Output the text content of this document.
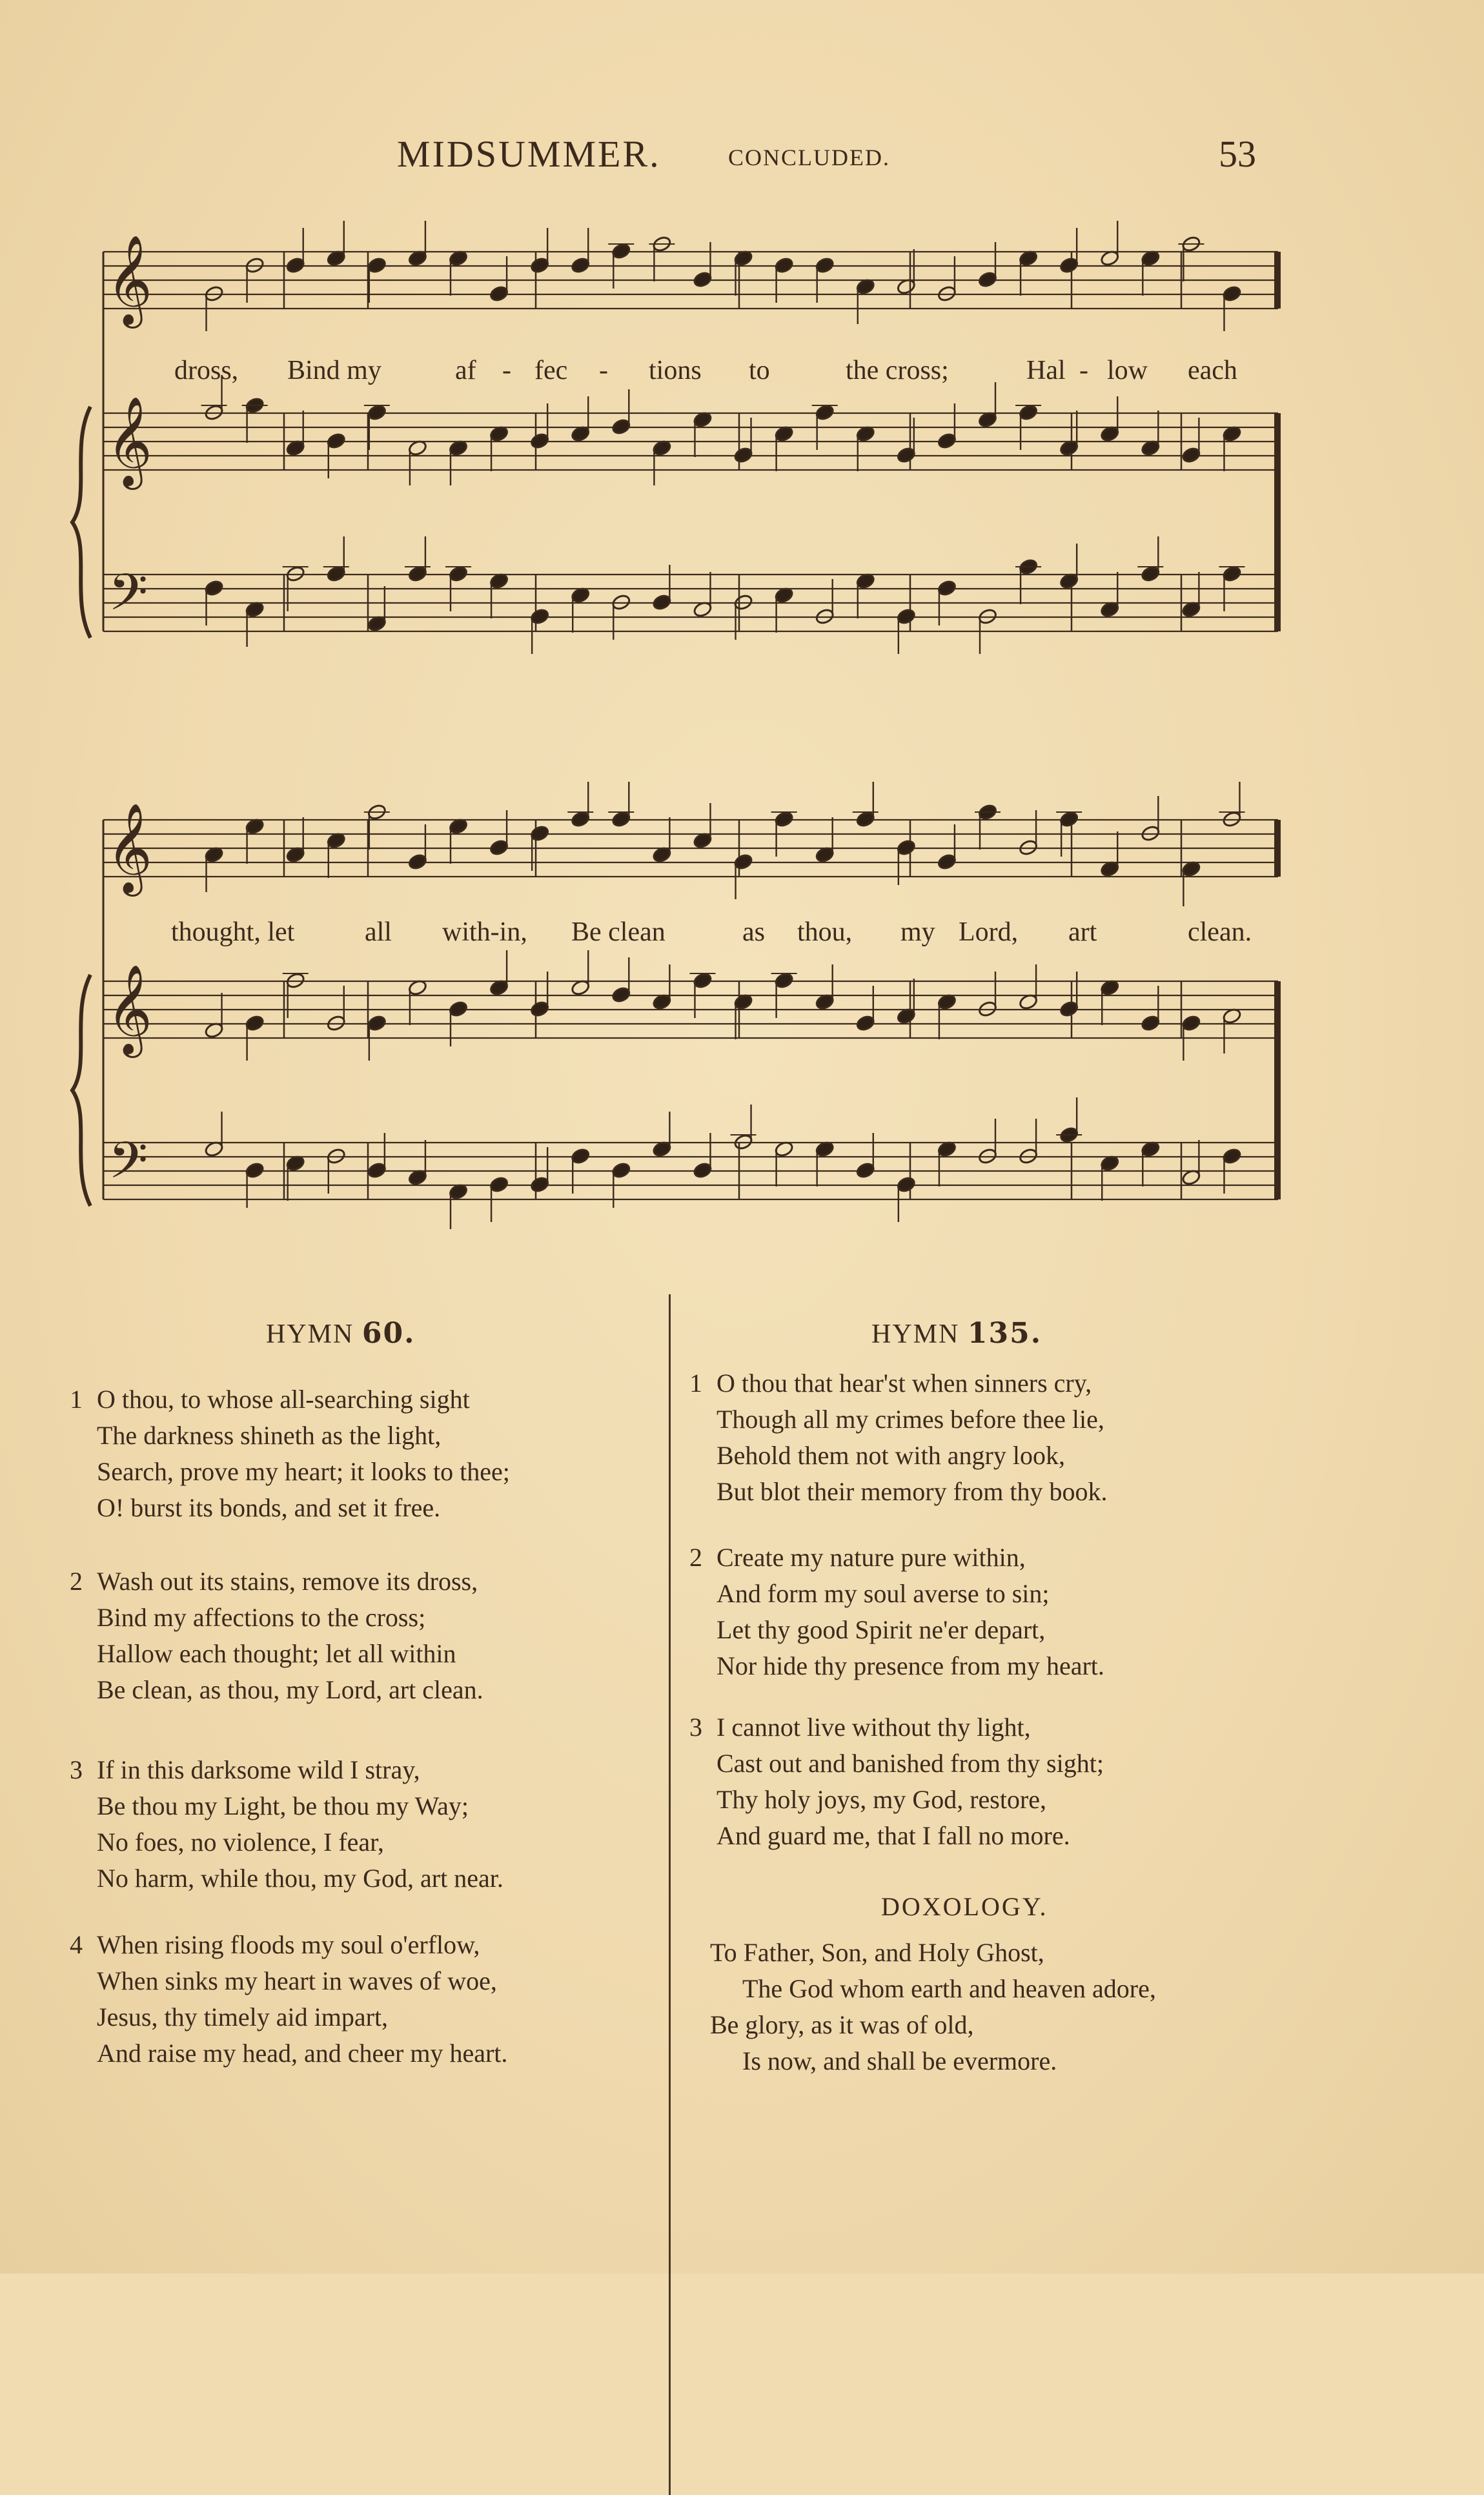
MIDSUMMER.	CONCLUDED.	53
𝄞
𝄞
𝄢
dross, Bind my	af - fec - tions to	the cross;	Hal - low each
𝄞
𝄞
𝄢
thought, let	all with-in, Be clean	as thou, my Lord, art	clean.
HYMN 60.
1 O thou, to whose all-searching sight
The darkness shineth as the light,
Search, prove my heart; it looks to thee;
O! burst its bonds, and set it free.
2 Wash out its stains, remove its dross,
Bind my affections to the cross;
Hallow each thought; let all within
Be clean, as thou, my Lord, art clean.
3 If in this darksome wild I stray,
Be thou my Light, be thou my Way;
No foes, no violence, I fear,
No harm, while thou, my God, art near.
4 When rising floods my soul o'erflow,
When sinks my heart in waves of woe,
Jesus, thy timely aid impart,
And raise my head, and cheer my heart.
HYMN 135.
1 O thou that hear'st when sinners cry,
Though all my crimes before thee lie,
Behold them not with angry look,
But blot their memory from thy book.
2 Create my nature pure within,
And form my soul averse to sin;
Let thy good Spirit ne'er depart,
Nor hide thy presence from my heart.
3 I cannot live without thy light,
Cast out and banished from thy sight;
Thy holy joys, my God, restore,
And guard me, that I fall no more.
DOXOLOGY.
To Father, Son, and Holy Ghost,
The God whom earth and heaven adore,
Be glory, as it was of old,
Is now, and shall be evermore.
